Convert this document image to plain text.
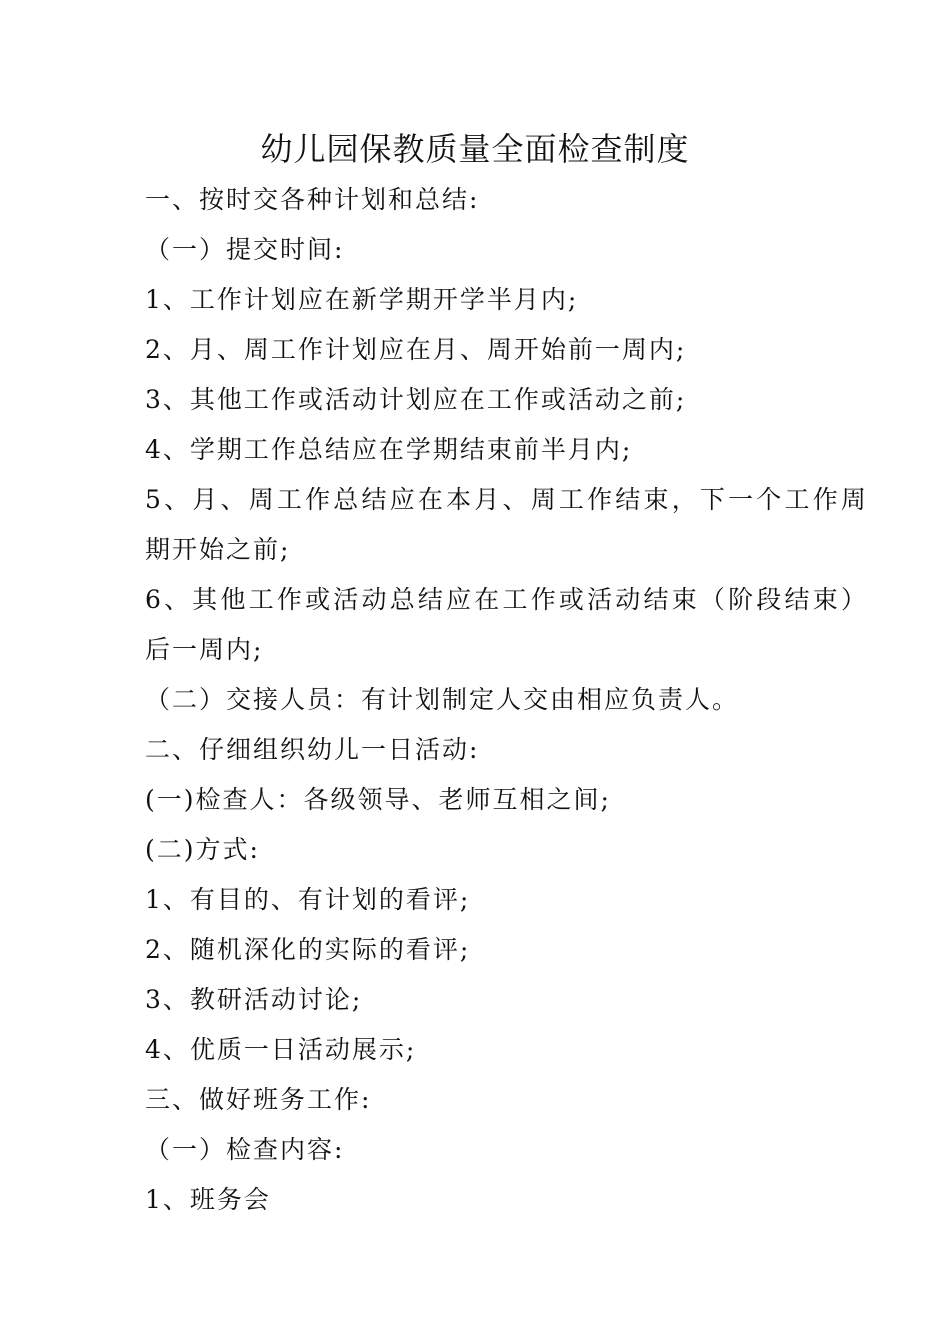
幼儿园保教质量全面检查制度

一、按时交各种计划和总结:

（一）提交时间:

1、工作计划应在新学期开学半月内;

2、月、周工作计划应在月、周开始前一周内;

3、其他工作或活动计划应在工作或活动之前;

4、学期工作总结应在学期结束前半月内;

5、月、周工作总结应在本月、周工作结束，下一个工作周

期开始之前;

6、其他工作或活动总结应在工作或活动结束（阶段结束）

后一周内;

（二）交接人员：有计划制定人交由相应负责人。

二、仔细组织幼儿一日活动:

(一)检查人：各级领导、老师互相之间;

(二)方式:

1、有目的、有计划的看评;

2、随机深化的实际的看评;

3、教研活动讨论;

4、优质一日活动展示;

三、做好班务工作:

（一）检查内容:

1、班务会
